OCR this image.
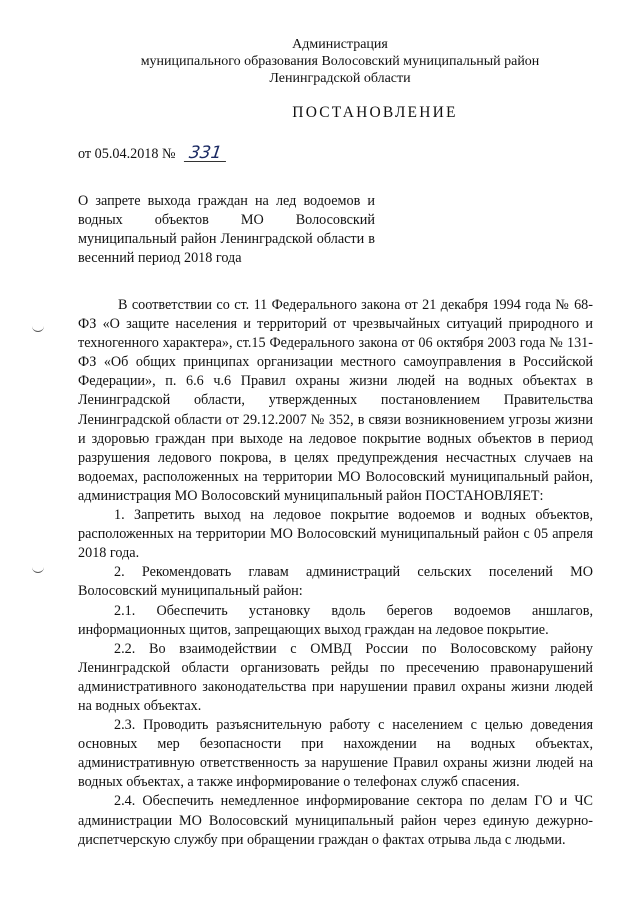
Администрация
муниципального образования Волосовский муниципальный район
Ленинградской области
ПОСТАНОВЛЕНИЕ
от 05.04.2018 № 331
О запрете выхода граждан на лед водоемов и водных объектов МО Волосовский муниципальный район Ленинградской области в весенний период 2018 года

В соответствии со ст. 11 Федерального закона от 21 декабря 1994 года № 68-ФЗ «О защите населения и территорий от чрезвычайных ситуаций природного и техногенного характера», ст.15 Федерального закона от 06 октября 2003 года № 131-ФЗ «Об общих принципах организации местного самоуправления в Российской Федерации», п. 6.6 ч.6 Правил охраны жизни людей на водных объектах в Ленинградской области, утвержденных постановлением Правительства Ленинградской области от 29.12.2007 № 352, в связи возникновением угрозы жизни и здоровью граждан при выходе на ледовое покрытие водных объектов в период разрушения ледового покрова, в целях предупреждения несчастных случаев на водоемах, расположенных на территории МО Волосовский муниципальный район, администрация МО Волосовский муниципальный район ПОСТАНОВЛЯЕТ:

1. Запретить выход на ледовое покрытие водоемов и водных объектов, расположенных на территории МО Волосовский муниципальный район с 05 апреля 2018 года.

2. Рекомендовать главам администраций сельских поселений МО Волосовский муниципальный район:

2.1. Обеспечить установку вдоль берегов водоемов аншлагов, информационных щитов, запрещающих выход граждан на ледовое покрытие.

2.2. Во взаимодействии с ОМВД России по Волосовскому району Ленинградской области организовать рейды по пресечению правонарушений административного законодательства при нарушении правил охраны жизни людей на водных объектах.

2.3. Проводить разъяснительную работу с населением с целью доведения основных мер безопасности при нахождении на водных объектах, административную ответственность за нарушение Правил охраны жизни людей на водных объектах, а также информирование о телефонах служб спасения.

2.4. Обеспечить немедленное информирование сектора по делам ГО и ЧС администрации МО Волосовский муниципальный район через единую дежурно-диспетчерскую службу при обращении граждан о фактах отрыва льда с людьми.
